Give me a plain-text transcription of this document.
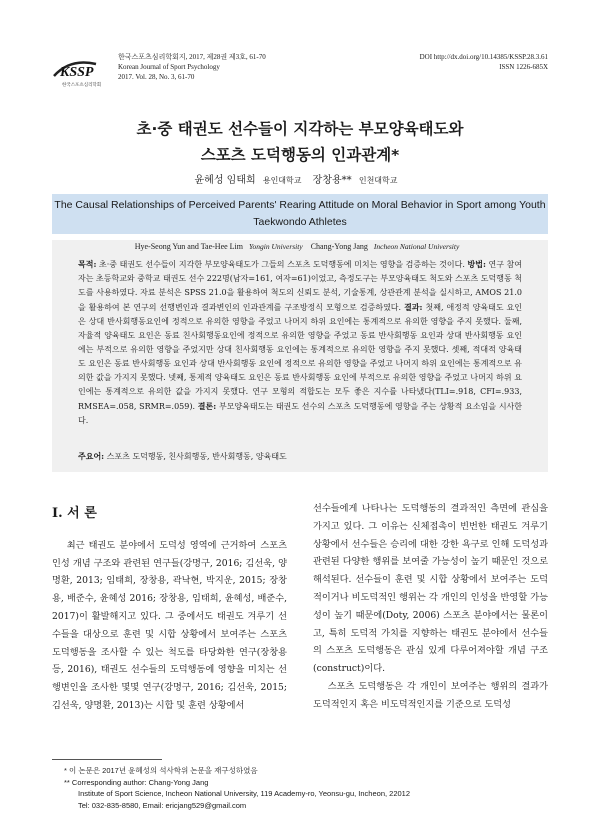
KSSP
한국스포츠심리학회
한국스포츠심리학회지, 2017, 제28권 제3호, 61-70
Korean Journal of Sport Psychology
2017. Vol. 28, No. 3, 61-70
DOI http://dx.doi.org/10.14385/KSSP.28.3.61
ISSN 1226-685X
초·중 태권도 선수들이 지각하는 부모양육태도와
스포츠 도덕행동의 인과관계*
윤혜성 임태희 용인대학교 장창용** 인천대학교
The Causal Relationships of Perceived Parents' Rearing Attitude on Moral Behavior in Sport among Youth Taekwondo Athletes
Hye-Seong Yun and Tae-Hee Lim Yongin University Chang-Yong Jang Incheon National University
목적: 초·중 태권도 선수들이 지각한 부모양육태도가 그들의 스포츠 도덕행동에 미치는 영향을 검증하는 것이다. 방법: 연구 참여자는 초등학교와 중학교 태권도 선수 222명(남자=161, 여자=61)이었고, 측정도구는 부모양육태도 척도와 스포츠 도덕행동 척도를 사용하였다. 자료 분석은 SPSS 21.0을 활용하여 척도의 신뢰도 분석, 기술통계, 상관관계 분석을 실시하고, AMOS 21.0을 활용하여 본 연구의 선행변인과 결과변인의 인과관계를 구조방정식 모형으로 검증하였다. 결과: 첫째, 애정적 양육태도 요인은 상대 반사회행동요인에 정적으로 유의한 영향을 주었고 나머지 하위 요인에는 통계적으로 유의한 영향을 주지 못했다. 둘째, 자율적 양육태도 요인은 동료 친사회행동요인에 정적으로 유의한 영향을 주었고 동료 반사회행동 요인과 상대 반사회행동 요인에는 부적으로 유의한 영향을 주었지만 상대 친사회행동 요인에는 통계적으로 유의한 영향을 주지 못했다. 셋째, 적대적 양육태도 요인은 동료 반사회행동 요인과 상대 반사회행동 요인에 정적으로 유의한 영향을 주었고 나머지 하위 요인에는 통계적으로 유의한 값을 가지지 못했다. 넷째, 통제적 양육태도 요인은 동료 반사회행동 요인에 부적으로 유의한 영향을 주었고 나머지 하위 요인에는 통계적으로 유의한 값을 가지지 못했다. 연구 모형의 적합도는 모두 좋은 지수를 나타냈다(TLI=.918, CFI=.933, RMSEA=.058, SRMR=.059). 결론: 부모양육태도는 태권도 선수의 스포츠 도덕행동에 영향을 주는 상황적 요소임을 시사한다.
주요어: 스포츠 도덕행동, 친사회행동, 반사회행동, 양육태도
I. 서 론

최근 태권도 분야에서 도덕성 영역에 근거하여 스포츠 인성 개념 구조와 관련된 연구들(강명구, 2016; 김선욱, 양명환, 2013; 임태희, 장창용, 곽낙현, 박지운, 2015; 장창용, 배준수, 윤혜성 2016; 장창용, 임태희, 윤혜성, 배준수, 2017)이 활발해지고 있다. 그 중에서도 태권도 겨루기 선수들을 대상으로 훈련 및 시합 상황에서 보여주는 스포츠 도덕행동을 조사할 수 있는 척도를 타당화한 연구(장창용 등, 2016), 태권도 선수들의 도덕행동에 영향을 미치는 선행변인을 조사한 몇몇 연구(강명구, 2016; 김선욱, 2015; 김선욱, 양명환, 2013)는 시합 및 훈련 상황에서

선수들에게 나타나는 도덕행동의 결과적인 측면에 관심을 가지고 있다. 그 이유는 신체접촉이 빈번한 태권도 겨루기 상황에서 선수들은 승리에 대한 강한 욕구로 인해 도덕성과 관련된 다양한 행위를 보여줄 가능성이 높기 때문인 것으로 해석된다. 선수들이 훈련 및 시합 상황에서 보여주는 도덕적이거나 비도덕적인 행위는 각 개인의 인성을 반영할 가능성이 높기 때문에(Doty, 2006) 스포츠 분야에서는 물론이고, 특히 도덕적 가치를 지향하는 태권도 분야에서 선수들의 스포츠 도덕행동은 관심 있게 다루어져야할 개념 구조(construct)이다.

스포츠 도덕행동은 각 개인이 보여주는 행위의 결과가 도덕적인지 혹은 비도덕적인지를 기준으로 도덕성

* 이 논문은 2017년 윤혜성의 석사학위 논문을 재구성하였음
** Corresponding author: Chang-Yong Jang
Institute of Sport Science, Incheon National University, 119 Academy-ro, Yeonsu-gu, Incheon, 22012
Tel: 032-835-8580, Email: ericjang529@gmail.com
